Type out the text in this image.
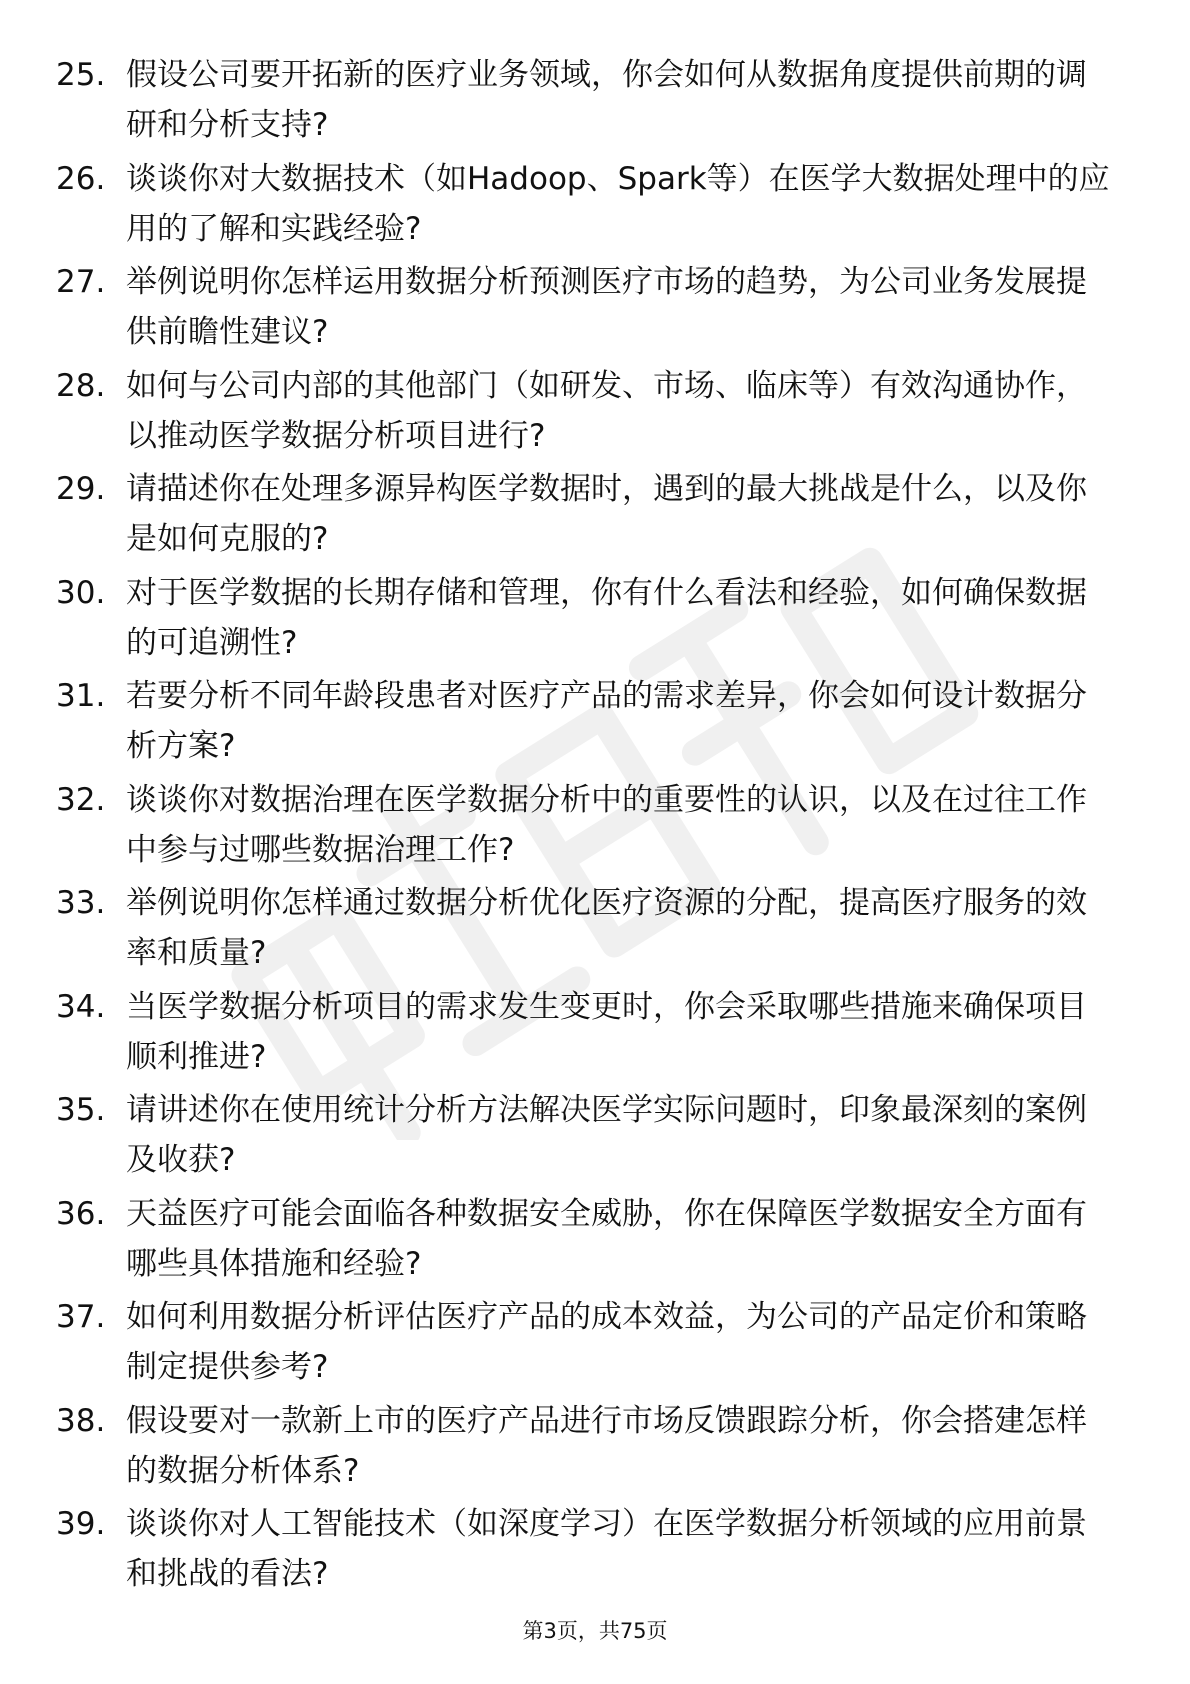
25. 假设公司要开拓新的医疗业务领域，你会如何从数据角度提供前期的调研和分析支持?
26. 谈谈你对大数据技术（如Hadoop、Spark等）在医学大数据处理中的应用的了解和实践经验?
27. 举例说明你怎样运用数据分析预测医疗市场的趋势，为公司业务发展提供前瞻性建议?
28. 如何与公司内部的其他部门（如研发、市场、临床等）有效沟通协作，以推动医学数据分析项目进行?
29. 请描述你在处理多源异构医学数据时，遇到的最大挑战是什么，以及你是如何克服的?
30. 对于医学数据的长期存储和管理，你有什么看法和经验，如何确保数据的可追溯性?
31. 若要分析不同年龄段患者对医疗产品的需求差异，你会如何设计数据分析方案?
32. 谈谈你对数据治理在医学数据分析中的重要性的认识，以及在过往工作中参与过哪些数据治理工作?
33. 举例说明你怎样通过数据分析优化医疗资源的分配，提高医疗服务的效率和质量?
34. 当医学数据分析项目的需求发生变更时，你会采取哪些措施来确保项目顺利推进?
35. 请讲述你在使用统计分析方法解决医学实际问题时，印象最深刻的案例及收获?
36. 天益医疗可能会面临各种数据安全威胁，你在保障医学数据安全方面有哪些具体措施和经验?
37. 如何利用数据分析评估医疗产品的成本效益，为公司的产品定价和策略制定提供参考?
38. 假设要对一款新上市的医疗产品进行市场反馈跟踪分析，你会搭建怎样的数据分析体系?
39. 谈谈你对人工智能技术（如深度学习）在医学数据分析领域的应用前景和挑战的看法?
第3页，共75页
